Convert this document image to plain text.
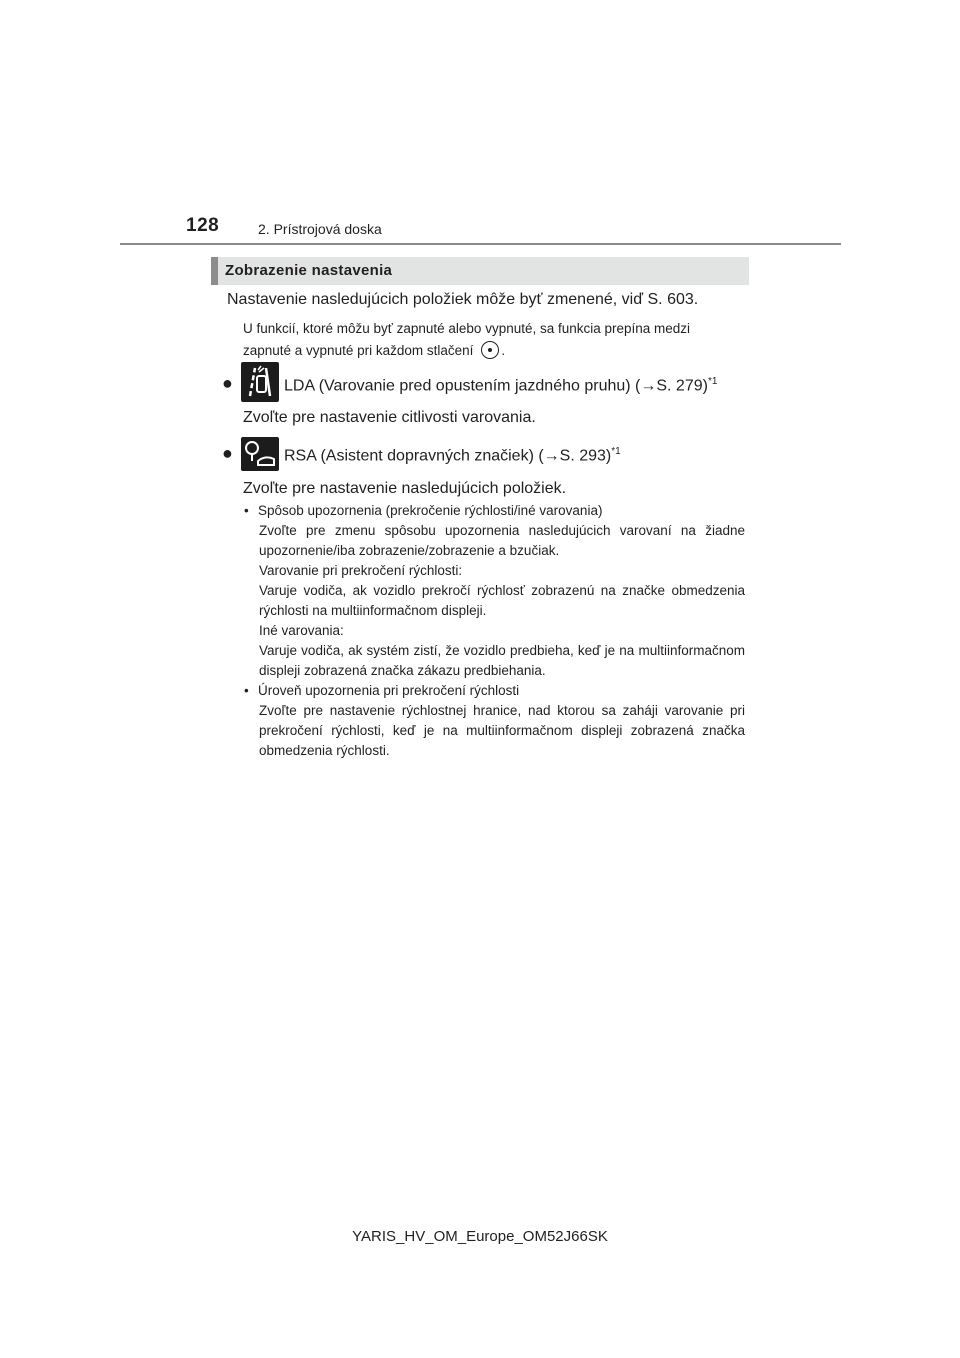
128	2. Prístrojová doska
Zobrazenie nastavenia
Nastavenie nasledujúcich položiek môže byť zmenené, viď S. 603.
U funkcií, ktoré môžu byť zapnuté alebo vypnuté, sa funkcia prepína medzi
zapnuté a vypnuté pri každom stlačení .
●	LDA (Varovanie pred opustením jazdného pruhu) (→S. 279)$^{*1}$
Zvoľte pre nastavenie citlivosti varovania.
●	RSA (Asistent dopravných značiek) (→S. 293)$^{*1}$
Zvoľte pre nastavenie nasledujúcich položiek.
• Spôsob upozornenia (prekročenie rýchlosti/iné varovania)
Zvoľte pre zmenu spôsobu upozornenia nasledujúcich varovaní na žiadne upozornenie/iba zobrazenie/zobrazenie a bzučiak.
Varovanie pri prekročení rýchlosti:
Varuje vodiča, ak vozidlo prekročí rýchlosť zobrazenú na značke obmedzenia rýchlosti na multiinformačnom displeji.
Iné varovania:
Varuje vodiča, ak systém zistí, že vozidlo predbieha, keď je na multiinformačnom displeji zobrazená značka zákazu predbiehania.
• Úroveň upozornenia pri prekročení rýchlosti
Zvoľte pre nastavenie rýchlostnej hranice, nad ktorou sa zaháji varovanie pri prekročení rýchlosti, keď je na multiinformačnom displeji zobrazená značka obmedzenia rýchlosti.
YARIS_HV_OM_Europe_OM52J66SK
